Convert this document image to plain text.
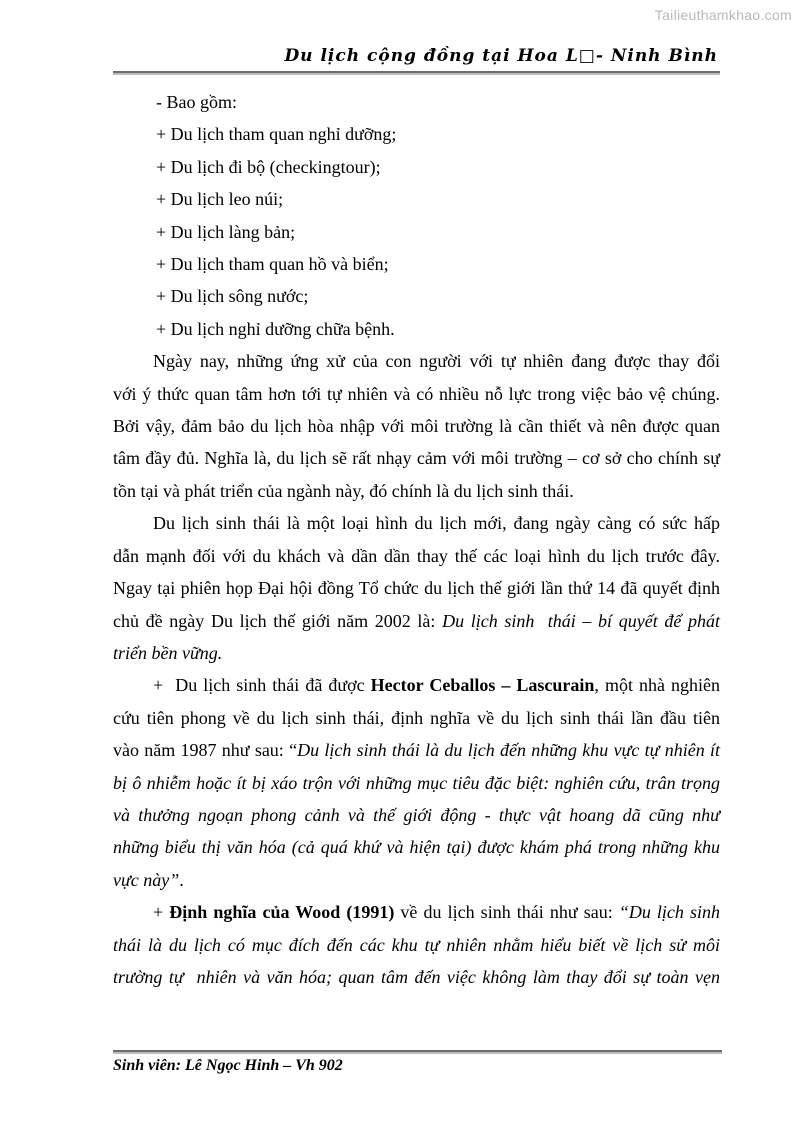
Tailieuthamkhao.com
Du lịch cộng đồng tại Hoa L□- Ninh Bình

- Bao gồm:

+ Du lịch tham quan nghỉ dưỡng;

+ Du lịch đi bộ (checkingtour);

+ Du lịch leo núi;

+ Du lịch làng bản;

+ Du lịch tham quan hồ và biển;

+ Du lịch sông nước;

+ Du lịch nghỉ dưỡng chữa bệnh.

Ngày nay, những ứng xử của con người với tự nhiên đang được thay đổi

với ý thức quan tâm hơn tới tự nhiên và có nhiều nỗ lực trong việc bảo vệ chúng.

Bởi vậy, đảm bảo du lịch hòa nhập với môi trường là cần thiết và nên được quan

tâm đầy đủ. Nghĩa là, du lịch sẽ rất nhạy cảm với môi trường – cơ sở cho chính sự

tồn tại và phát triển của ngành này, đó chính là du lịch sinh thái.

Du lịch sinh thái là một loại hình du lịch mới, đang ngày càng có sức hấp

dẫn mạnh đối với du khách và dần dần thay thế các loại hình du lịch trước đây.

Ngay tại phiên họp Đại hội đồng Tổ chức du lịch thế giới lần thứ 14 đã quyết định

chủ đề ngày Du lịch thế giới năm 2002 là: Du lịch sinh  thái – bí quyết để phát

triển bền vững.

+  Du lịch sinh thái đã được Hector Ceballos – Lascurain, một nhà nghiên

cứu tiên phong về du lịch sinh thái, định nghĩa về du lịch sinh thái lần đầu tiên

vào năm 1987 như sau: “Du lịch sinh thái là du lịch đến những khu vực tự nhiên ít

bị ô nhiễm hoặc ít bị xáo trộn với những mục tiêu đặc biệt: nghiên cứu, trân trọng

và thưởng ngoạn phong cảnh và thế giới động - thực vật hoang dã cũng như

những biểu thị văn hóa (cả quá khứ và hiện tại) được khám phá trong những khu

vực này”.

+ Định nghĩa của Wood (1991) về du lịch sinh thái như sau: “Du lịch sinh

thái là du lịch có mục đích đến các khu tự nhiên nhằm hiểu biết về lịch sử môi

trường tự  nhiên và văn hóa; quan tâm đến việc không làm thay đổi sự toàn vẹn

Sinh viên: Lê Ngọc Hinh – Vh 902
